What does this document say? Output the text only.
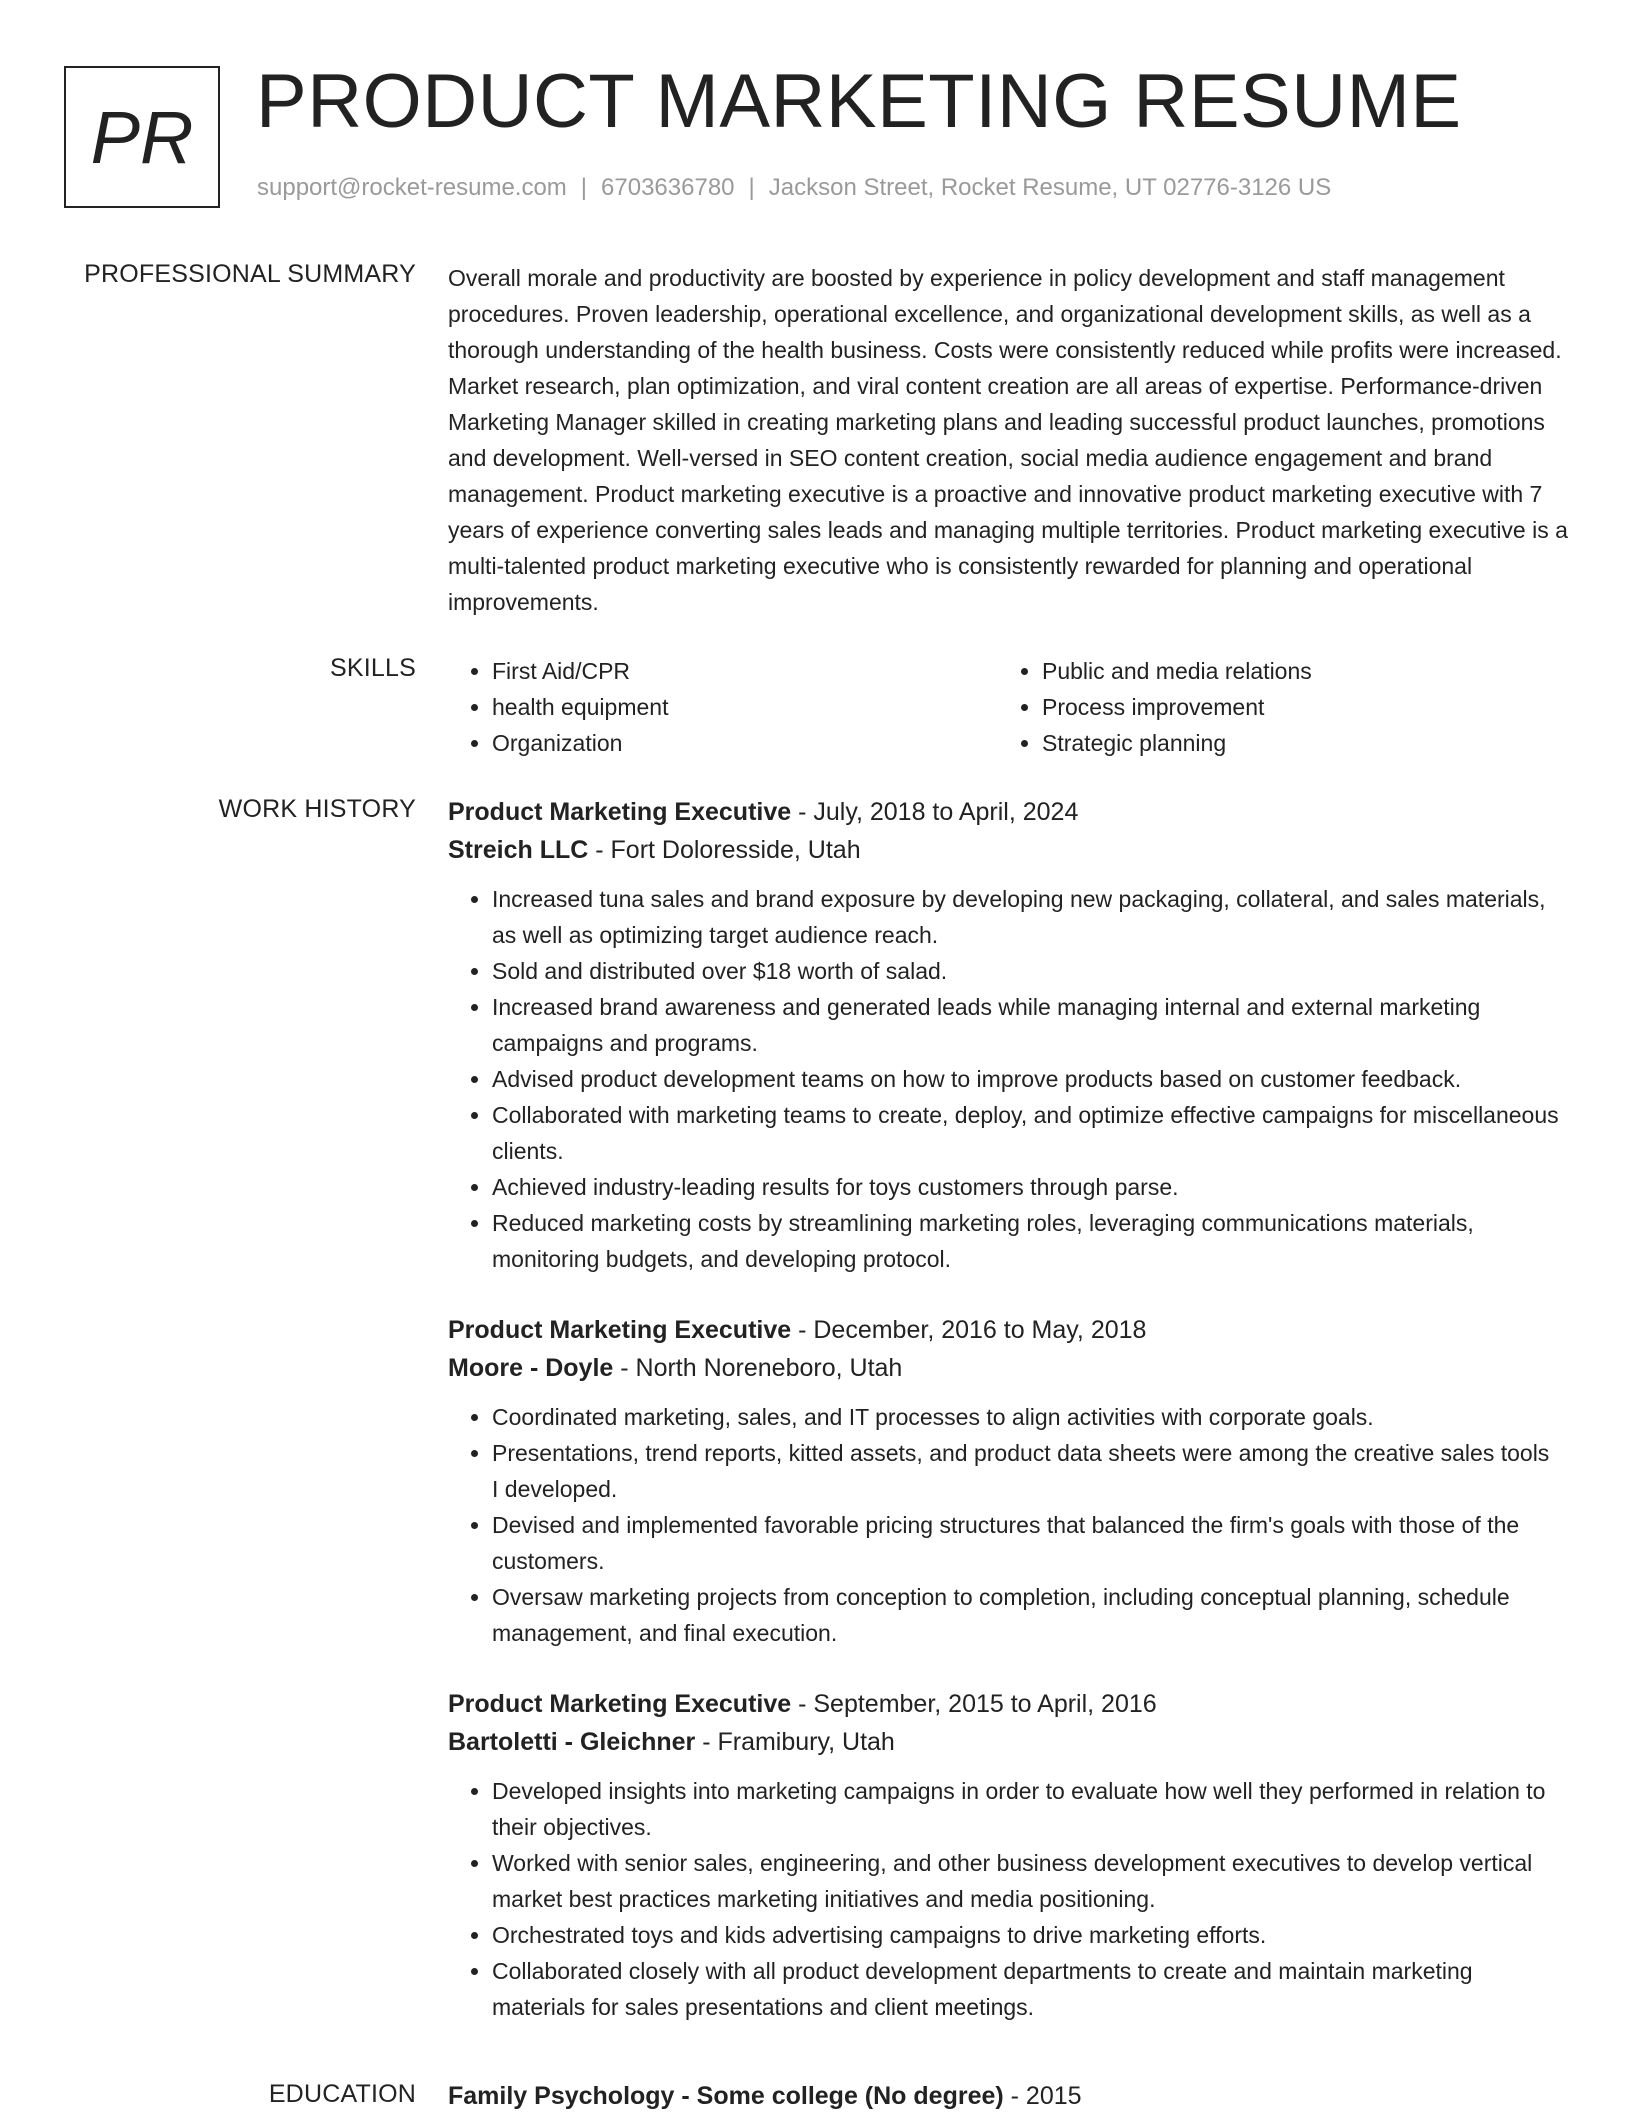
PR PRODUCT MARKETING RESUME
support@rocket-resume.com | 6703636780 | Jackson Street, Rocket Resume, UT 02776-3126 US
PROFESSIONAL SUMMARY Overall morale and productivity are boosted by experience in policy development and staff management procedures. Proven leadership, operational excellence, and organizational development skills, as well as a thorough understanding of the health business. Costs were consistently reduced while profits were increased. Market research, plan optimization, and viral content creation are all areas of expertise. Performance-driven Marketing Manager skilled in creating marketing plans and leading successful product launches, promotions and development. Well-versed in SEO content creation, social media audience engagement and brand management. Product marketing executive is a proactive and innovative product marketing executive with 7 years of experience converting sales leads and managing multiple territories. Product marketing executive is a multi-talented product marketing executive who is consistently rewarded for planning and operational improvements.

SKILLS
•	First Aid/CPR
• health equipment
• Organization
• Public and media relations
• Process improvement
• Strategic planning
WORK HISTORY Product Marketing Executive - July, 2018 to April, 2024
Streich LLC - Fort Doloresside, Utah
• Increased tuna sales and brand exposure by developing new packaging, collateral, and sales materials, as well as optimizing target audience reach.
• Sold and distributed over $18 worth of salad.
• Increased brand awareness and generated leads while managing internal and external marketing campaigns and programs.
• Advised product development teams on how to improve products based on customer feedback.
• Collaborated with marketing teams to create, deploy, and optimize effective campaigns for miscellaneous clients.
• Achieved industry-leading results for toys customers through parse.
• Reduced marketing costs by streamlining marketing roles, leveraging communications materials, monitoring budgets, and developing protocol.
Product Marketing Executive - December, 2016 to May, 2018
Moore - Doyle - North Noreneboro, Utah
• Coordinated marketing, sales, and IT processes to align activities with corporate goals.
• Presentations, trend reports, kitted assets, and product data sheets were among the creative sales tools I developed.
• Devised and implemented favorable pricing structures that balanced the firm's goals with those of the customers.
• Oversaw marketing projects from conception to completion, including conceptual planning, schedule management, and final execution.
Product Marketing Executive - September, 2015 to April, 2016
Bartoletti - Gleichner - Framibury, Utah
• Developed insights into marketing campaigns in order to evaluate how well they performed in relation to their objectives.
• Worked with senior sales, engineering, and other business development executives to develop vertical market best practices marketing initiatives and media positioning.
• Orchestrated toys and kids advertising campaigns to drive marketing efforts.
• Collaborated closely with all product development departments to create and maintain marketing materials for sales presentations and client meetings.
EDUCATION Family Psychology - Some college (No degree) - 2015
